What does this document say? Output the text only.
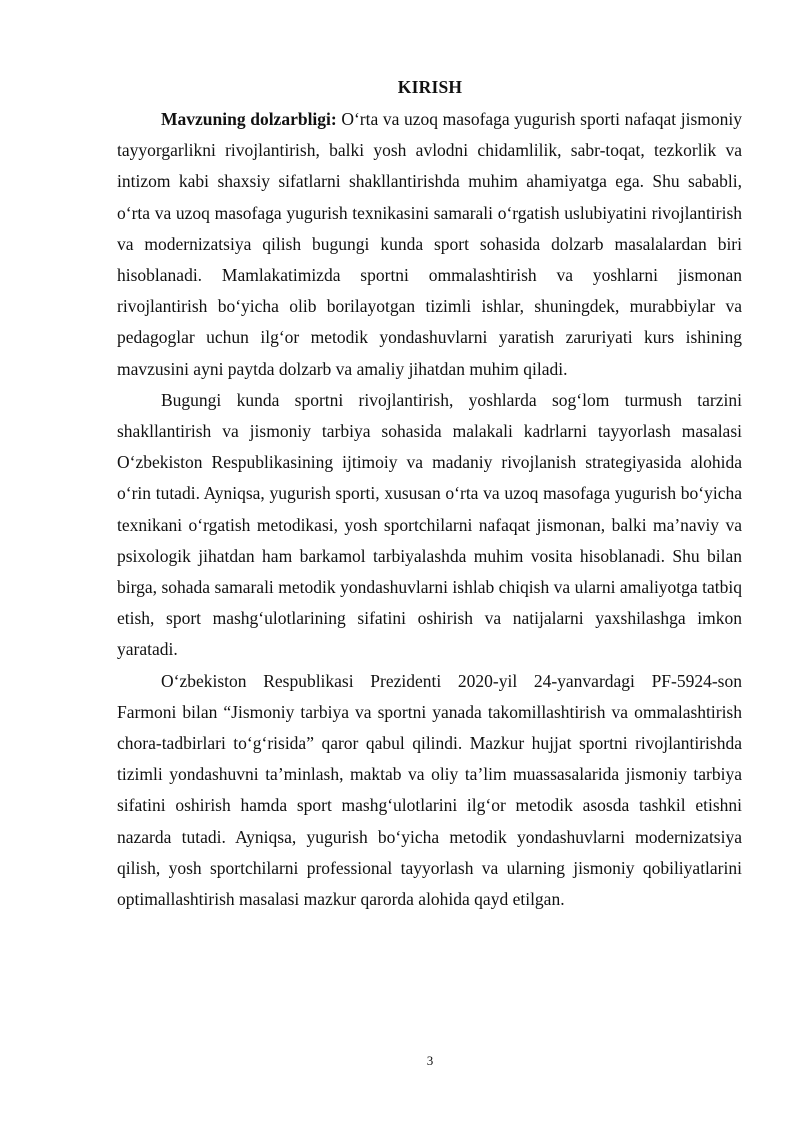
KIRISH

Mavzuning dolzarbligi: O‘rta va uzoq masofaga yugurish sporti nafaqat jismoniy tayyorgarlikni rivojlantirish, balki yosh avlodni chidamlilik, sabr-toqat, tezkorlik va intizom kabi shaxsiy sifatlarni shakllantirishda muhim ahamiyatga ega. Shu sababli, o‘rta va uzoq masofaga yugurish texnikasini samarali o‘rgatish uslubiyatini rivojlantirish va modernizatsiya qilish bugungi kunda sport sohasida dolzarb masalalardan biri hisoblanadi. Mamlakatimizda sportni ommalashtirish va yoshlarni jismonan rivojlantirish bo‘yicha olib borilayotgan tizimli ishlar, shuningdek, murabbiylar va pedagoglar uchun ilg‘or metodik yondashuvlarni yaratish zaruriyati kurs ishining mavzusini ayni paytda dolzarb va amaliy jihatdan muhim qiladi.

Bugungi kunda sportni rivojlantirish, yoshlarda sog‘lom turmush tarzini shakllantirish va jismoniy tarbiya sohasida malakali kadrlarni tayyorlash masalasi O‘zbekiston Respublikasining ijtimoiy va madaniy rivojlanish strategiyasida alohida o‘rin tutadi. Ayniqsa, yugurish sporti, xususan o‘rta va uzoq masofaga yugurish bo‘yicha texnikani o‘rgatish metodikasi, yosh sportchilarni nafaqat jismonan, balki ma’naviy va psixologik jihatdan ham barkamol tarbiyalashda muhim vosita hisoblanadi. Shu bilan birga, sohada samarali metodik yondashuvlarni ishlab chiqish va ularni amaliyotga tatbiq etish, sport mashg‘ulotlarining sifatini oshirish va natijalarni yaxshilashga imkon yaratadi.

O‘zbekiston Respublikasi Prezidenti 2020-yil 24-yanvardagi PF-5924-son Farmoni bilan “Jismoniy tarbiya va sportni yanada takomillashtirish va ommalashtirish chora-tadbirlari to‘g‘risida” qaror qabul qilindi. Mazkur hujjat sportni rivojlantirishda tizimli yondashuvni ta’minlash, maktab va oliy ta’lim muassasalarida jismoniy tarbiya sifatini oshirish hamda sport mashg‘ulotlarini ilg‘or metodik asosda tashkil etishni nazarda tutadi. Ayniqsa, yugurish bo‘yicha metodik yondashuvlarni modernizatsiya qilish, yosh sportchilarni professional tayyorlash va ularning jismoniy qobiliyatlarini optimallashtirish masalasi mazkur qarorda alohida qayd etilgan.

3
